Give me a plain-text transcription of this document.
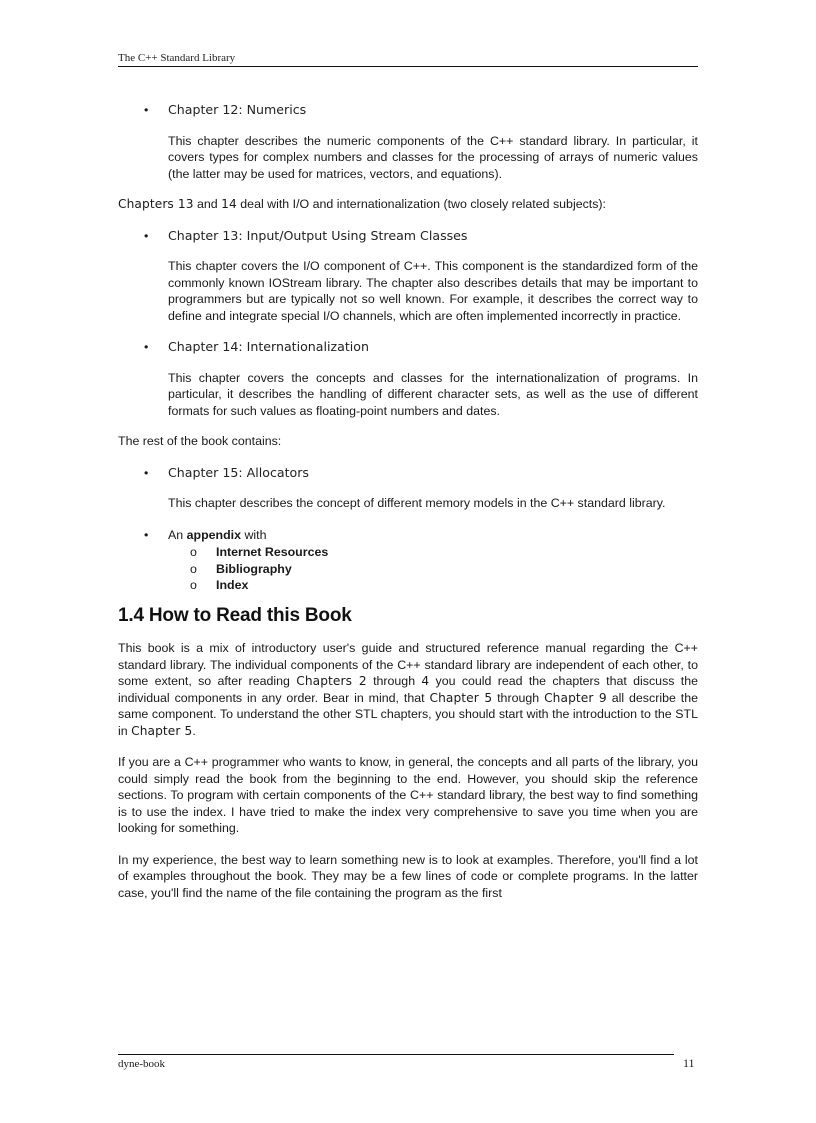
The C++ Standard Library
• Chapter 12: Numerics

This chapter describes the numeric components of the C++ standard library. In particular, it covers types for complex numbers and classes for the processing of arrays of numeric values (the latter may be used for matrices, vectors, and equations).

Chapters 13 and 14 deal with I/O and internationalization (two closely related subjects):

• Chapter 13: Input/Output Using Stream Classes

This chapter covers the I/O component of C++. This component is the standardized form of the commonly known IOStream library. The chapter also describes details that may be important to programmers but are typically not so well known. For example, it describes the correct way to define and integrate special I/O channels, which are often implemented incorrectly in practice.

• Chapter 14: Internationalization

This chapter covers the concepts and classes for the internationalization of programs. In particular, it describes the handling of different character sets, as well as the use of different formats for such values as floating-point numbers and dates.

The rest of the book contains:

• Chapter 15: Allocators

This chapter describes the concept of different memory models in the C++ standard library.

• An appendix with
o Internet Resources
o Bibliography
o Index
1.4 How to Read this Book

This book is a mix of introductory user's guide and structured reference manual regarding the C++ standard library. The individual components of the C++ standard library are independent of each other, to some extent, so after reading Chapters 2 through 4 you could read the chapters that discuss the individual components in any order. Bear in mind, that Chapter 5 through Chapter 9 all describe the same component. To understand the other STL chapters, you should start with the introduction to the STL in Chapter 5.

If you are a C++ programmer who wants to know, in general, the concepts and all parts of the library, you could simply read the book from the beginning to the end. However, you should skip the reference sections. To program with certain components of the C++ standard library, the best way to find something is to use the index. I have tried to make the index very comprehensive to save you time when you are looking for something.

In my experience, the best way to learn something new is to look at examples. Therefore, you'll find a lot of examples throughout the book. They may be a few lines of code or complete programs. In the latter case, you'll find the name of the file containing the program as the first

dyne-book	11
